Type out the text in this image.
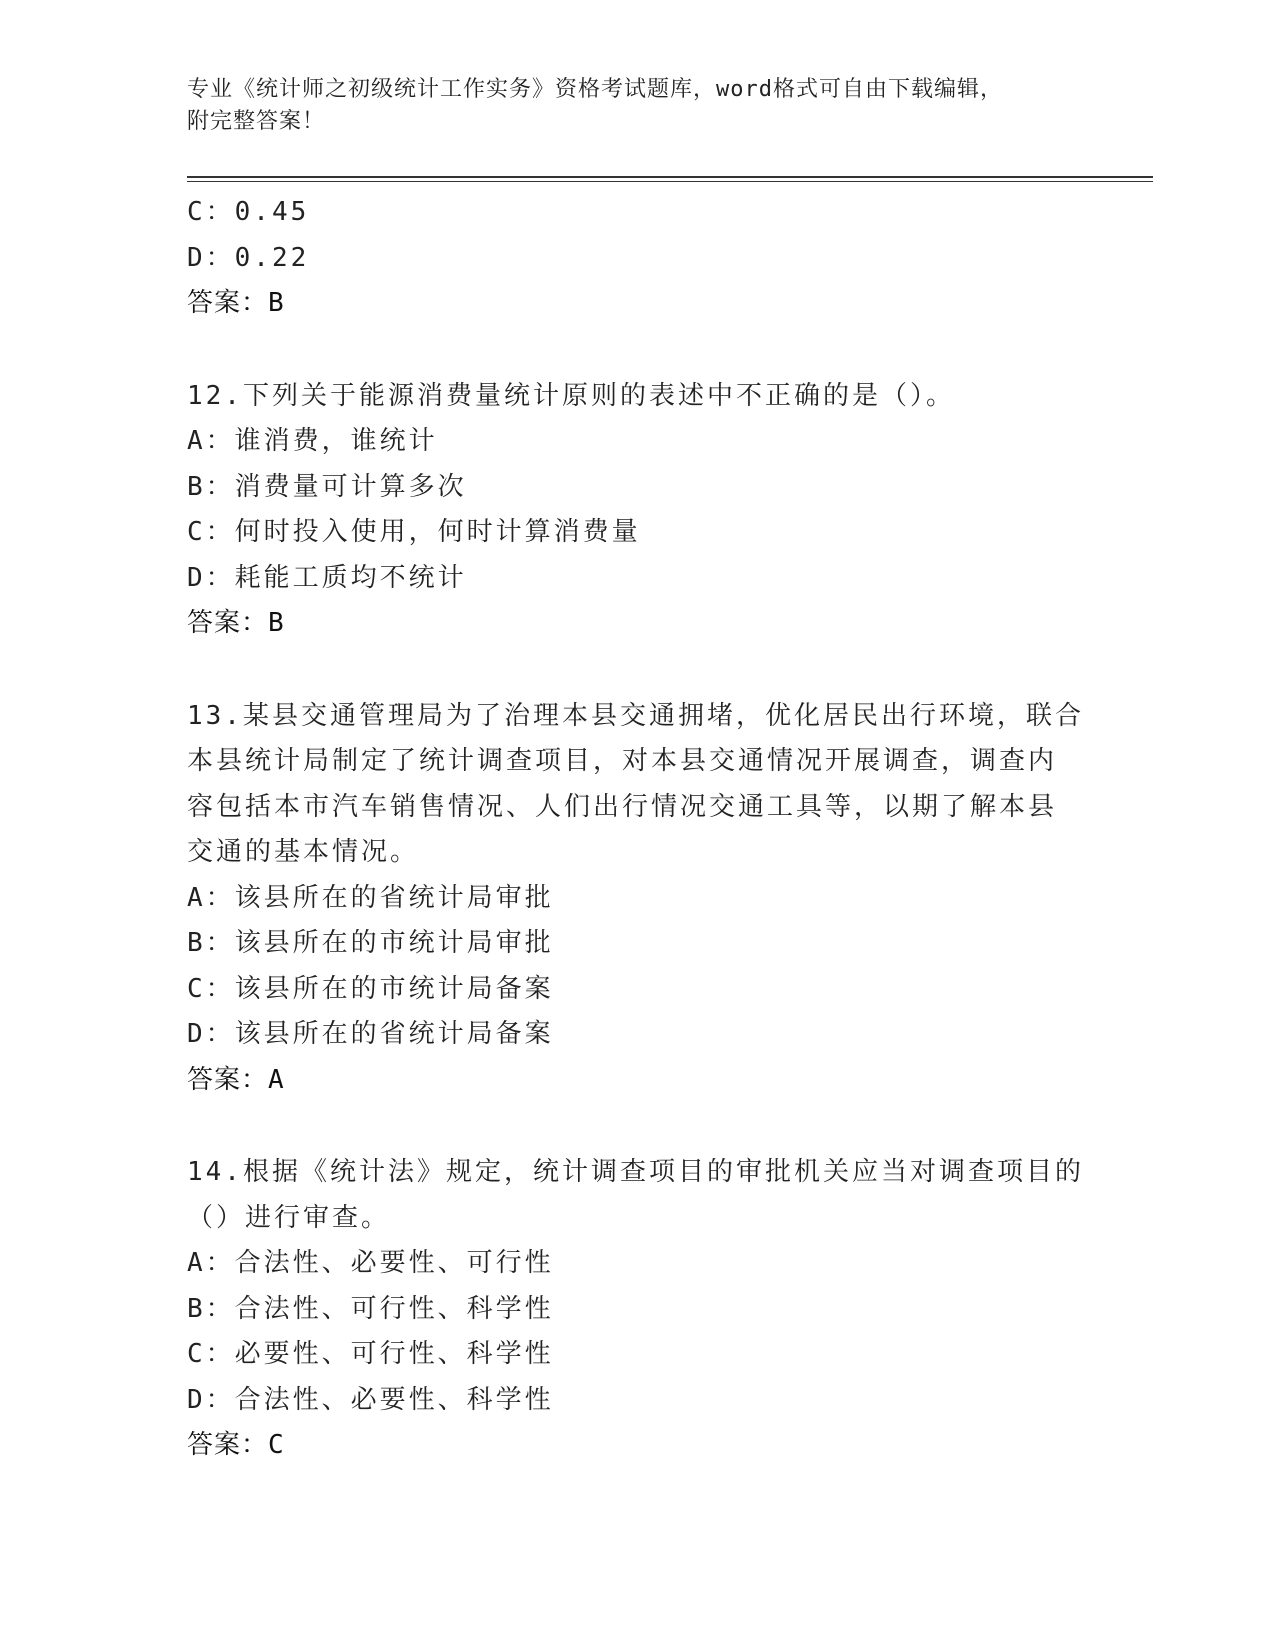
专业《统计师之初级统计工作实务》资格考试题库，word格式可自由下载编辑，
附完整答案！
C：0.45
D：0.22
答案：B
12.下列关于能源消费量统计原则的表述中不正确的是（）。
A：谁消费，谁统计
B：消费量可计算多次
C：何时投入使用，何时计算消费量
D：耗能工质均不统计
答案：B
13.某县交通管理局为了治理本县交通拥堵，优化居民出行环境，联合
本县统计局制定了统计调查项目，对本县交通情况开展调查，调查内
容包括本市汽车销售情况、人们出行情况交通工具等，以期了解本县
交通的基本情况。
A：该县所在的省统计局审批
B：该县所在的市统计局审批
C：该县所在的市统计局备案
D：该县所在的省统计局备案
答案：A
14.根据《统计法》规定，统计调查项目的审批机关应当对调查项目的
（）进行审查。
A：合法性、必要性、可行性
B：合法性、可行性、科学性
C：必要性、可行性、科学性
D：合法性、必要性、科学性
答案：C
